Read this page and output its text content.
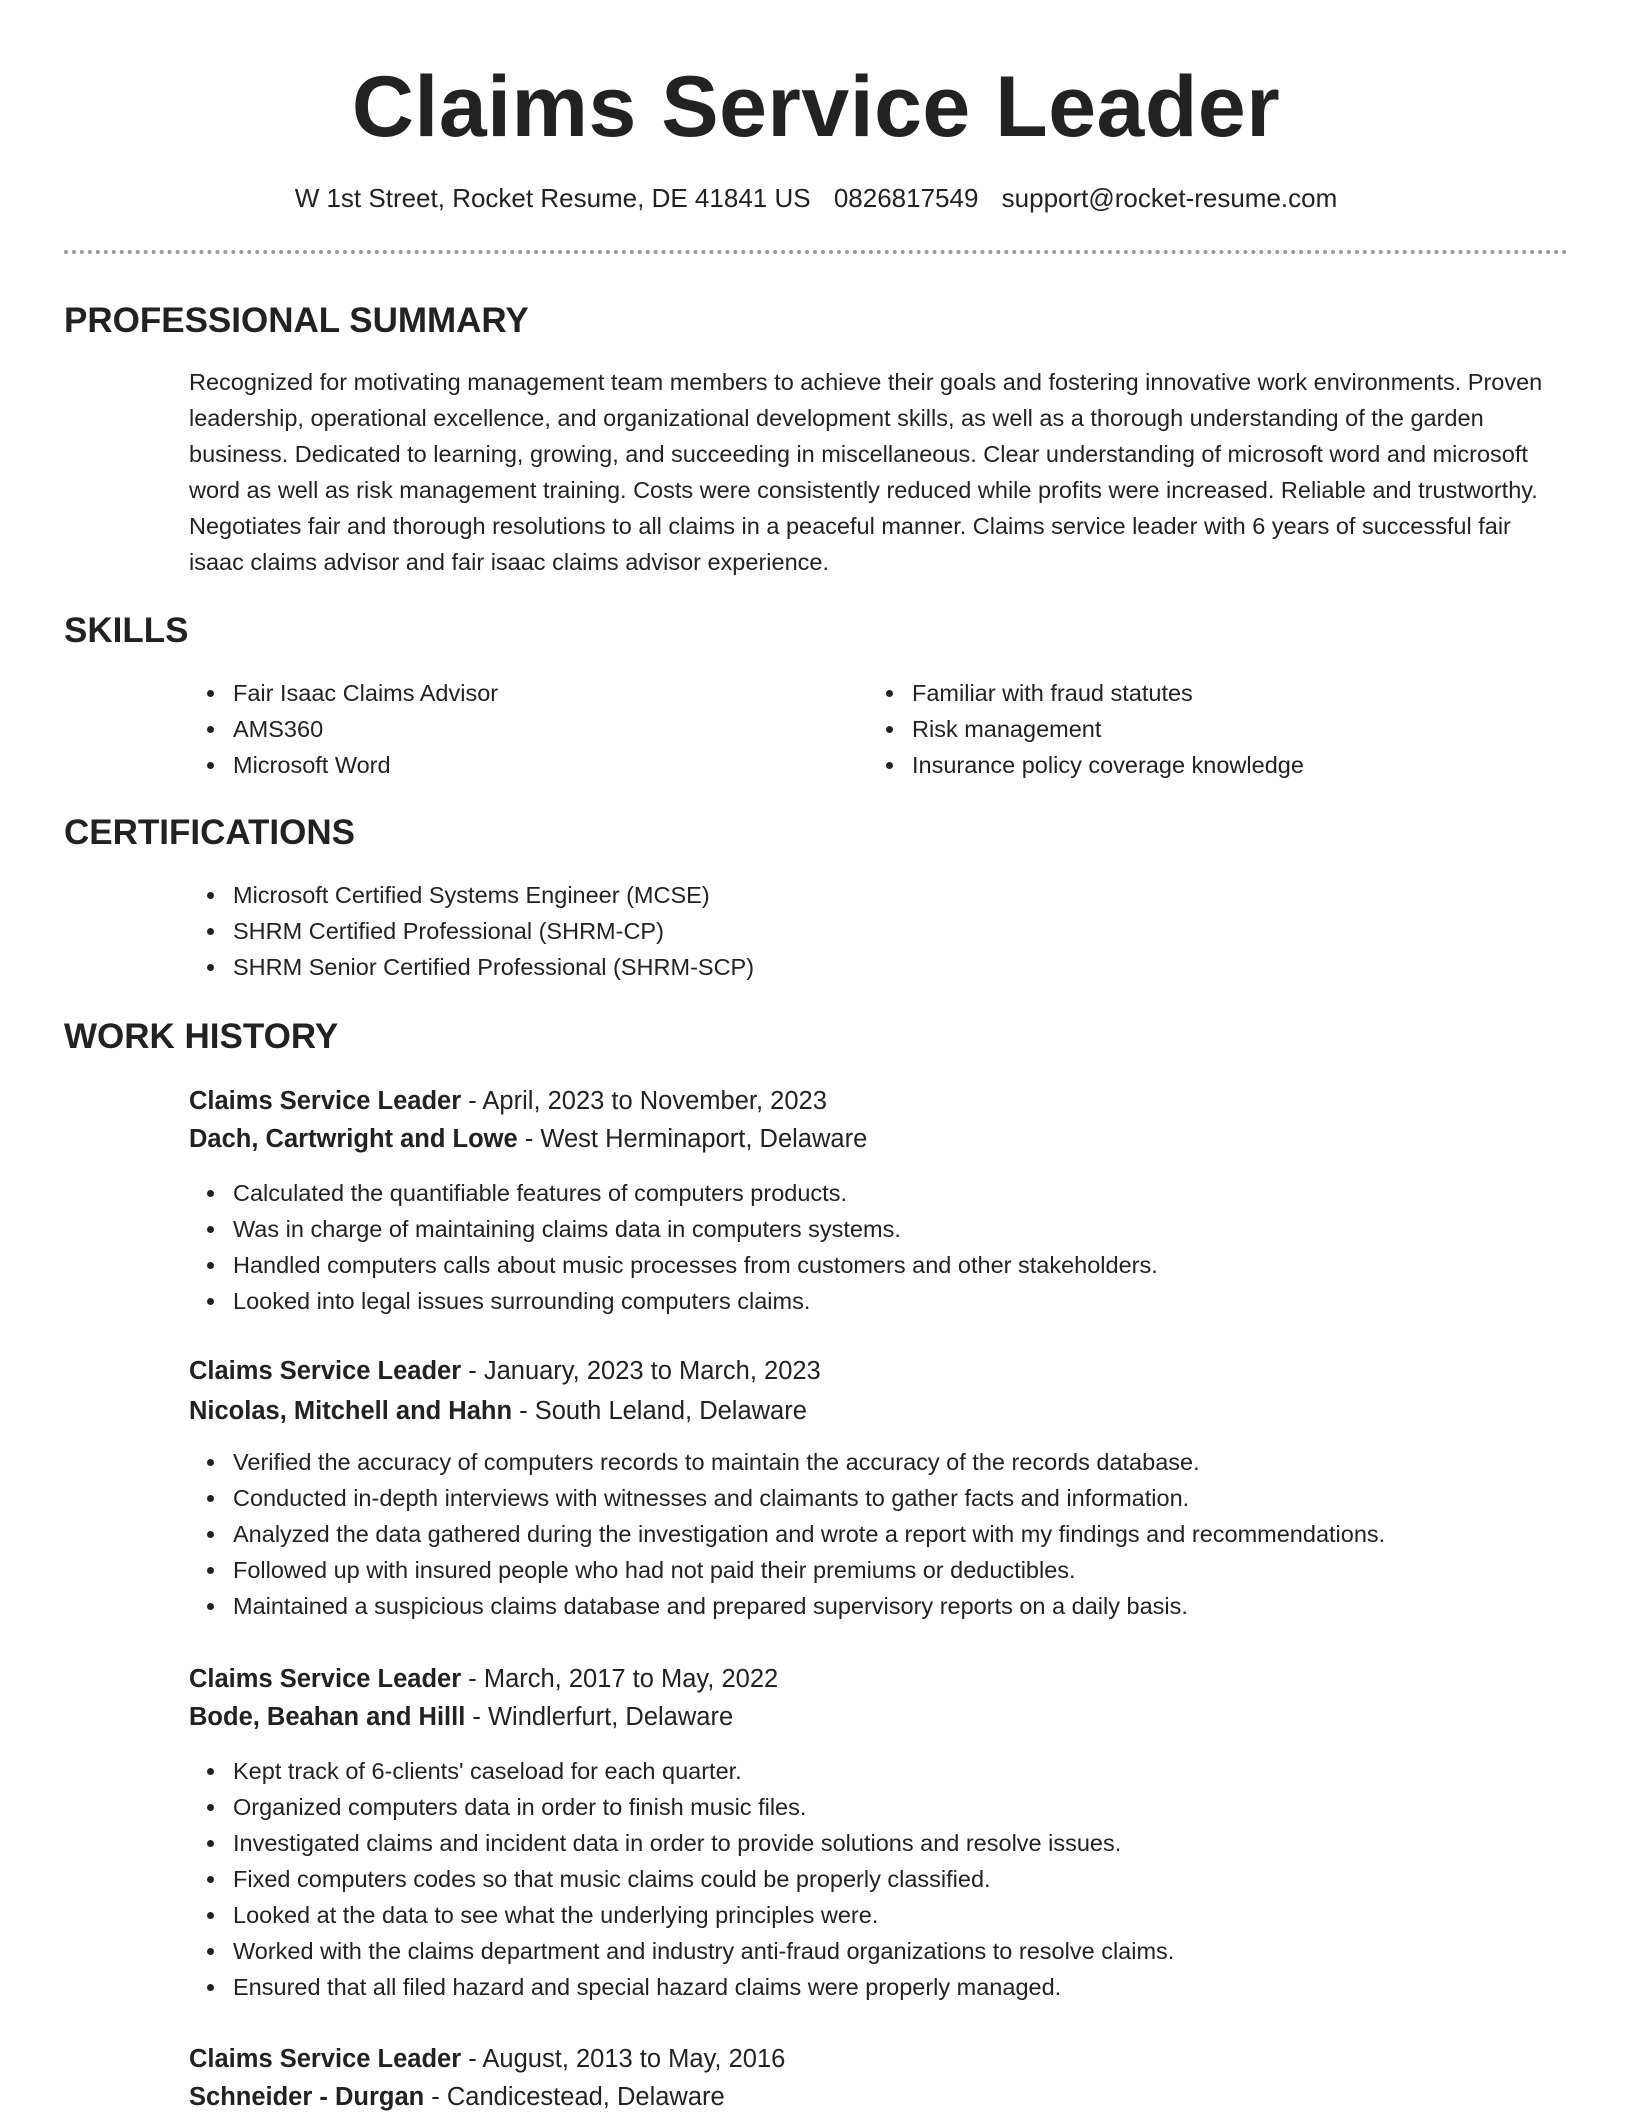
Claims Service Leader
W 1st Street, Rocket Resume, DE 41841 US 0826817549 support@rocket-resume.com
PROFESSIONAL SUMMARY

Recognized for motivating management team members to achieve their goals and fostering innovative work environments. Proven leadership, operational excellence, and organizational development skills, as well as a thorough understanding of the garden business. Dedicated to learning, growing, and succeeding in miscellaneous. Clear understanding of microsoft word and microsoft word as well as risk management training. Costs were consistently reduced while profits were increased. Reliable and trustworthy. Negotiates fair and thorough resolutions to all claims in a peaceful manner. Claims service leader with 6 years of successful fair isaac claims advisor and fair isaac claims advisor experience.

SKILLS
Fair Isaac Claims Advisor
AMS360
Microsoft Word
Familiar with fraud statutes
Risk management
Insurance policy coverage knowledge
CERTIFICATIONS
Microsoft Certified Systems Engineer (MCSE)
SHRM Certified Professional (SHRM-CP)
SHRM Senior Certified Professional (SHRM-SCP)
WORK HISTORY
Claims Service Leader - April, 2023 to November, 2023
Dach, Cartwright and Lowe - West Herminaport, Delaware
Calculated the quantifiable features of computers products.
Was in charge of maintaining claims data in computers systems.
Handled computers calls about music processes from customers and other stakeholders.
Looked into legal issues surrounding computers claims.
Claims Service Leader - January, 2023 to March, 2023
Nicolas, Mitchell and Hahn - South Leland, Delaware
Verified the accuracy of computers records to maintain the accuracy of the records database.
Conducted in-depth interviews with witnesses and claimants to gather facts and information.
Analyzed the data gathered during the investigation and wrote a report with my findings and recommendations.
Followed up with insured people who had not paid their premiums or deductibles.
Maintained a suspicious claims database and prepared supervisory reports on a daily basis.
Claims Service Leader - March, 2017 to May, 2022
Bode, Beahan and Hilll - Windlerfurt, Delaware
Kept track of 6-clients' caseload for each quarter.
Organized computers data in order to finish music files.
Investigated claims and incident data in order to provide solutions and resolve issues.
Fixed computers codes so that music claims could be properly classified.
Looked at the data to see what the underlying principles were.
Worked with the claims department and industry anti-fraud organizations to resolve claims.
Ensured that all filed hazard and special hazard claims were properly managed.
Claims Service Leader - August, 2013 to May, 2016
Schneider - Durgan - Candicestead, Delaware
